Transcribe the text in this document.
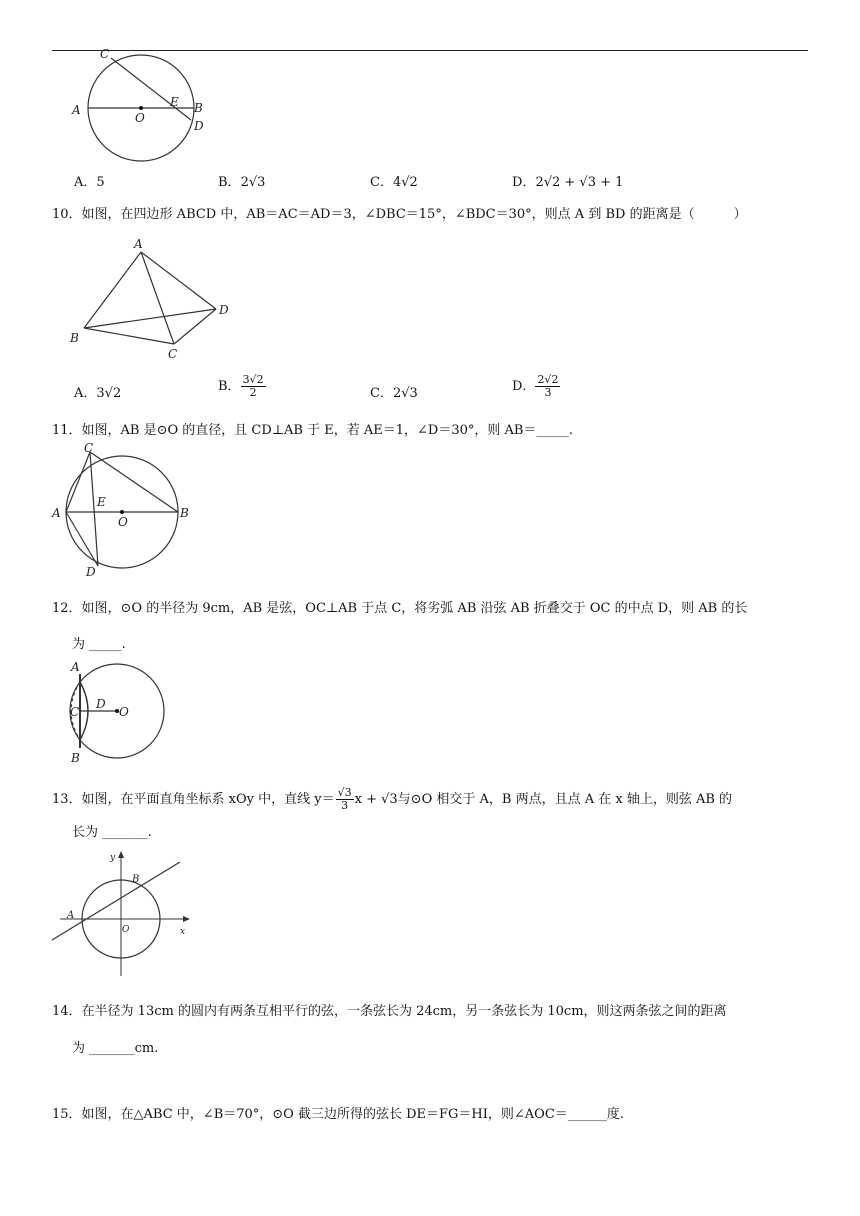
C
A
O
E B
D
A．5	B．2√3	C．4√2	D．2√2 + √3 + 1
10．如图，在四边形 ABCD 中，AB＝AC＝AD＝3，∠DBC＝15°，∠BDC＝30°，则点 A 到 BD 的距离是（　　　）
A
B
C
D
A．3√2	B． $\frac{3√2}{2}$	C．2√3	D． $\frac{2√2}{3}$
11．如图，AB 是⊙O 的直径，且 CD⊥AB 于 E，若 AE＝1，∠D＝30°，则 AB＝_____.
C
A
E
O
B
D
12．如图，⊙O 的半径为 9cm，AB 是弦，OC⊥AB 于点 C，将劣弧 AB 沿弦 AB 折叠交于 OC 的中点 D，则 AB 的长
为 _____.
A
C
D
O
B
13．如图，在平面直角坐标系 xOy 中，直线 $y= \frac{√3}{3}$ x + √3与⊙O 相交于 A，B 两点，且点 A 在 x 轴上，则弦 AB 的
长为 _______.
y
B
A
O	x
14．在半径为 13cm 的圆内有两条互相平行的弦，一条弦长为 24cm，另一条弦长为 10cm，则这两条弦之间的距离
为 _______cm.
15．如图，在△ABC 中，∠B＝70°，⊙O 截三边所得的弦长 DE＝FG＝HI，则∠AOC＝______度.
